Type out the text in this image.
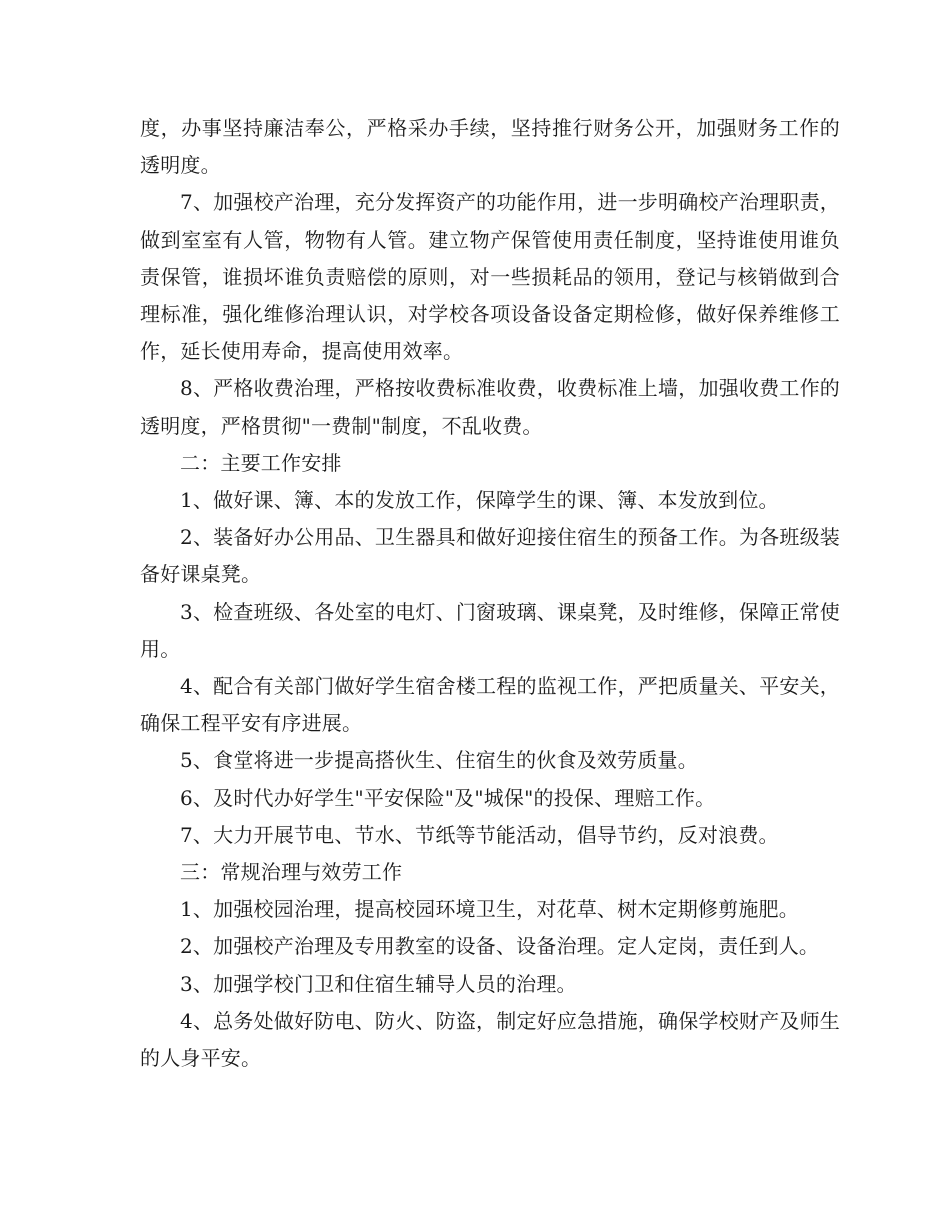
度，办事坚持廉洁奉公，严格采办手续，坚持推行财务公开，加强财务工作的透明度。

7、加强校产治理，充分发挥资产的功能作用，进一步明确校产治理职责，做到室室有人管，物物有人管。建立物产保管使用责任制度，坚持谁使用谁负责保管，谁损坏谁负责赔偿的原则，对一些损耗品的领用，登记与核销做到合理标准，强化维修治理认识，对学校各项设备设备定期检修，做好保养维修工作，延长使用寿命，提高使用效率。

8、严格收费治理，严格按收费标准收费，收费标准上墙，加强收费工作的透明度，严格贯彻"一费制"制度，不乱收费。

二：主要工作安排

1、做好课、簿、本的发放工作，保障学生的课、簿、本发放到位。

2、装备好办公用品、卫生器具和做好迎接住宿生的预备工作。为各班级装备好课桌凳。

3、检查班级、各处室的电灯、门窗玻璃、课桌凳，及时维修，保障正常使用。

4、配合有关部门做好学生宿舍楼工程的监视工作，严把质量关、平安关，确保工程平安有序进展。

5、食堂将进一步提高搭伙生、住宿生的伙食及效劳质量。

6、及时代办好学生"平安保险"及"城保"的投保、理赔工作。

7、大力开展节电、节水、节纸等节能活动，倡导节约，反对浪费。

三：常规治理与效劳工作

1、加强校园治理，提高校园环境卫生，对花草、树木定期修剪施肥。

2、加强校产治理及专用教室的设备、设备治理。定人定岗，责任到人。

3、加强学校门卫和住宿生辅导人员的治理。

4、总务处做好防电、防火、防盗，制定好应急措施，确保学校财产及师生的人身平安。
